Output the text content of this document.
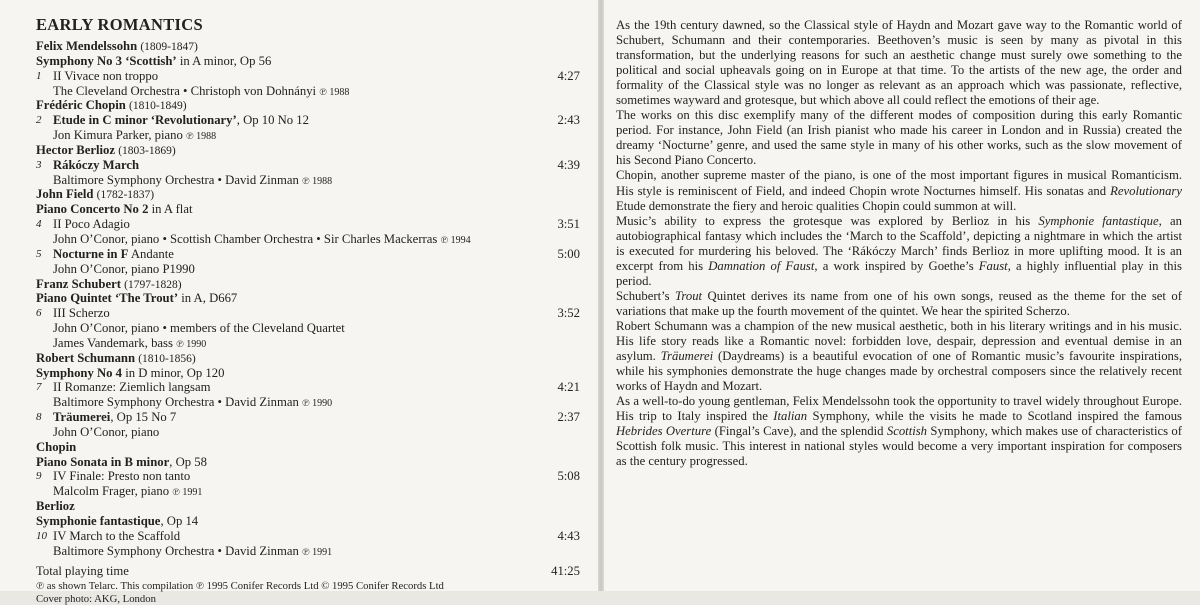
EARLY ROMANTICS
Felix Mendelssohn (1809-1847)
Symphony No 3 ‘Scottish’ in A minor, Op 56
1 II Vivace non troppo	4:27
The Cleveland Orchestra • Christoph von Dohnányi ℗ 1988
Frédéric Chopin (1810-1849)
2 Etude in C minor ‘Revolutionary’, Op 10 No 12	2:43
Jon Kimura Parker, piano ℗ 1988
Hector Berlioz (1803-1869)
3 Rákóczy March	4:39
Baltimore Symphony Orchestra • David Zinman ℗ 1988
John Field (1782-1837)
Piano Concerto No 2 in A flat
4 II Poco Adagio	3:51
John O’Conor, piano • Scottish Chamber Orchestra • Sir Charles Mackerras ℗ 1994
5 Nocturne in F Andante	5:00
John O’Conor, piano P1990
Franz Schubert (1797-1828)
Piano Quintet ‘The Trout’ in A, D667
6 III Scherzo	3:52
John O’Conor, piano • members of the Cleveland Quartet
James Vandemark, bass ℗ 1990
Robert Schumann (1810-1856)
Symphony No 4 in D minor, Op 120
7 II Romanze: Ziemlich langsam	4:21
Baltimore Symphony Orchestra • David Zinman ℗ 1990
8 Träumerei, Op 15 No 7	2:37
John O’Conor, piano
Chopin
Piano Sonata in B minor, Op 58
9 IV Finale: Presto non tanto	5:08
Malcolm Frager, piano ℗ 1991
Berlioz
Symphonie fantastique, Op 14
10 IV March to the Scaffold	4:43
Baltimore Symphony Orchestra • David Zinman ℗ 1991
Total playing time	41:25
℗ as shown Telarc. This compilation ℗ 1995 Conifer Records Ltd © 1995 Conifer Records Ltd
Cover photo: AKG, London

As the 19th century dawned, so the Classical style of Haydn and Mozart gave way to the Romantic world of Schubert, Schumann and their contemporaries. Beethoven’s music is seen by many as pivotal in this transformation, but the underlying reasons for such an aesthetic change must surely owe something to the political and social upheavals going on in Europe at that time. To the artists of the new age, the order and formality of the Classical style was no longer as relevant as an approach which was passionate, reflective, sometimes wayward and grotesque, but which above all could reflect the emotions of their age.

The works on this disc exemplify many of the different modes of composition during this early Romantic period. For instance, John Field (an Irish pianist who made his career in London and in Russia) created the dreamy ‘Nocturne’ genre, and used the same style in many of his other works, such as the slow movement of his Second Piano Concerto.

Chopin, another supreme master of the piano, is one of the most important figures in musical Romanticism. His style is reminiscent of Field, and indeed Chopin wrote Nocturnes himself. His sonatas and Revolutionary Etude demonstrate the fiery and heroic qualities Chopin could summon at will.

Music’s ability to express the grotesque was explored by Berlioz in his Symphonie fantastique, an autobiographical fantasy which includes the ‘March to the Scaffold’, depicting a nightmare in which the artist is executed for murdering his beloved. The ‘Rákóczy March’ finds Berlioz in more uplifting mood. It is an excerpt from his Damnation of Faust, a work inspired by Goethe’s Faust, a highly influential play in this period.

Schubert’s Trout Quintet derives its name from one of his own songs, reused as the theme for the set of variations that make up the fourth movement of the quintet. We hear the spirited Scherzo.

Robert Schumann was a champion of the new musical aesthetic, both in his literary writings and in his music. His life story reads like a Romantic novel: forbidden love, despair, depression and eventual demise in an asylum. Träumerei (Daydreams) is a beautiful evocation of one of Romantic music’s favourite inspirations, while his symphonies demonstrate the huge changes made by orchestral composers since the relatively recent works of Haydn and Mozart.

As a well-to-do young gentleman, Felix Mendelssohn took the opportunity to travel widely throughout Europe. His trip to Italy inspired the Italian Symphony, while the visits he made to Scotland inspired the famous Hebrides Overture (Fingal’s Cave), and the splendid Scottish Symphony, which makes use of characteristics of Scottish folk music. This interest in national styles would become a very important inspiration for composers as the century progressed.
